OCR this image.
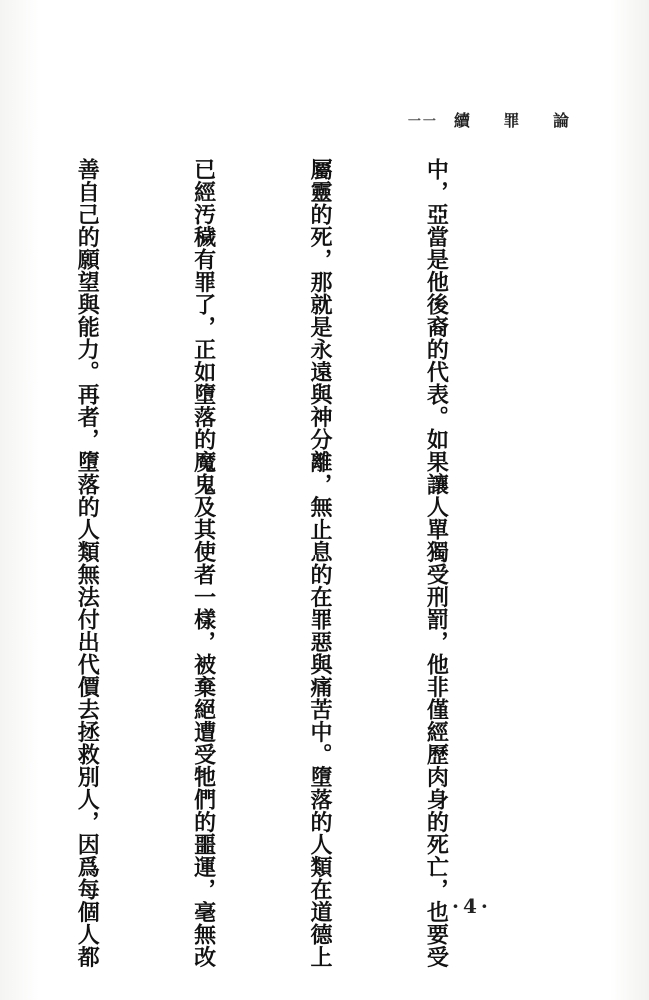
一一 續 罪 論

中，亞當是他後裔的代表。如果讓人單獨受刑罰，他非僅經歷肉身的死亡，也要受

屬靈的死，那就是永遠與神分離，無止息的在罪惡與痛苦中。墮落的人類在道德上

已經汚穢有罪了，正如墮落的魔鬼及其使者一樣，被棄絕遭受牠們的噩運，毫無改

善自己的願望與能力。再者，墮落的人類無法付出代價去拯救別人，因爲每個人都

	·4·
